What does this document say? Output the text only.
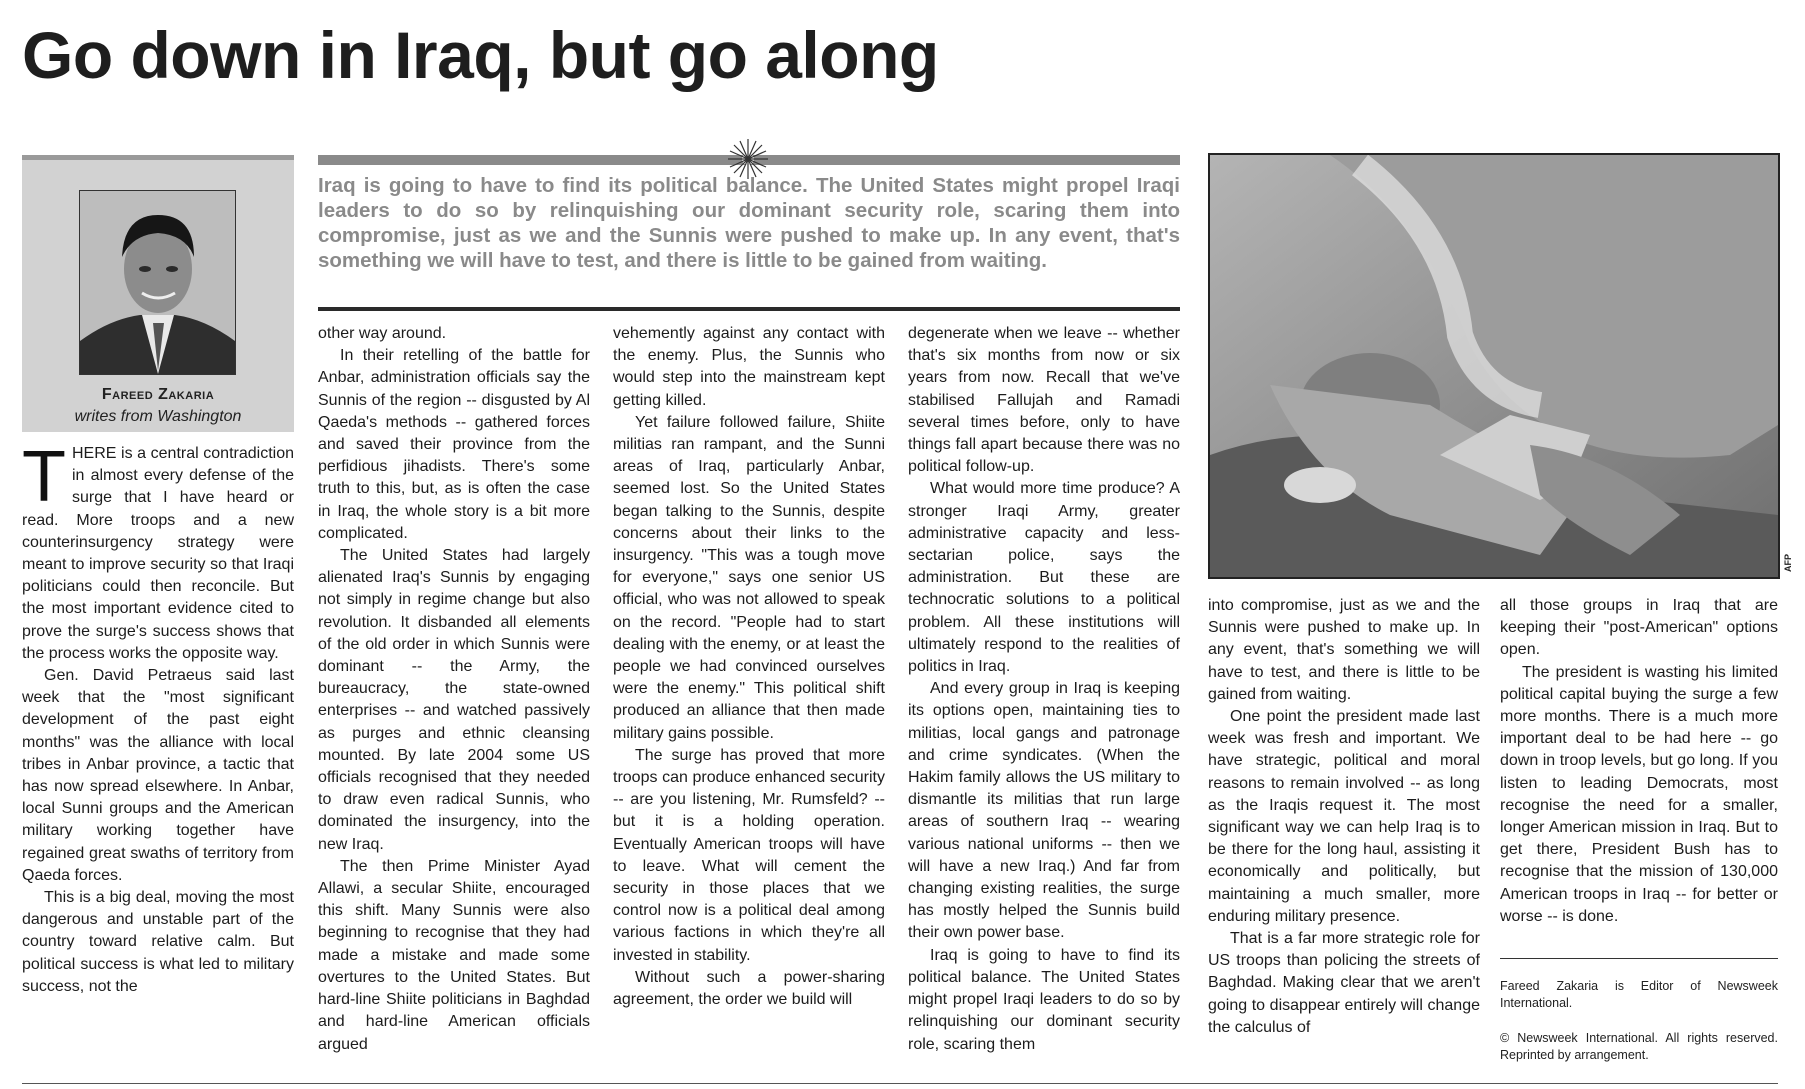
Go down in Iraq, but go along
Fareed Zakaria
writes from Washington

Iraq is going to have to find its political balance. The United States might propel Iraqi leaders to do so by relinquishing our dominant security role, scaring them into compromise, just as we and the Sunnis were pushed to make up. In any event, that's something we will have to test, and there is little to be gained from waiting.

THERE is a central contradiction in almost every defense of the surge that I have heard or read. More troops and a new counterinsurgency strategy were meant to improve security so that Iraqi politicians could then reconcile. But the most important evidence cited to prove the surge's success shows that the process works the opposite way.

Gen. David Petraeus said last week that the "most significant development of the past eight months" was the alliance with local tribes in Anbar province, a tactic that has now spread elsewhere. In Anbar, local Sunni groups and the American military working together have regained great swaths of territory from Qaeda forces.

This is a big deal, moving the most dangerous and unstable part of the country toward relative calm. But political success is what led to military success, not the

other way around.

In their retelling of the battle for Anbar, administration officials say the Sunnis of the region -- disgusted by Al Qaeda's methods -- gathered forces and saved their province from the perfidious jihadists. There's some truth to this, but, as is often the case in Iraq, the whole story is a bit more complicated.

The United States had largely alienated Iraq's Sunnis by engaging not simply in regime change but also revolution. It disbanded all elements of the old order in which Sunnis were dominant -- the Army, the bureaucracy, the state-owned enterprises -- and watched passively as purges and ethnic cleansing mounted. By late 2004 some US officials recognised that they needed to draw even radical Sunnis, who dominated the insurgency, into the new Iraq.

The then Prime Minister Ayad Allawi, a secular Shiite, encouraged this shift. Many Sunnis were also beginning to recognise that they had made a mistake and made some overtures to the United States. But hard-line Shiite politicians in Baghdad and hard-line American officials argued

vehemently against any contact with the enemy. Plus, the Sunnis who would step into the mainstream kept getting killed.

Yet failure followed failure, Shiite militias ran rampant, and the Sunni areas of Iraq, particularly Anbar, seemed lost. So the United States began talking to the Sunnis, despite concerns about their links to the insurgency. "This was a tough move for everyone," says one senior US official, who was not allowed to speak on the record. "People had to start dealing with the enemy, or at least the people we had convinced ourselves were the enemy." This political shift produced an alliance that then made military gains possible.

The surge has proved that more troops can produce enhanced security -- are you listening, Mr. Rumsfeld? -- but it is a holding operation. Eventually American troops will have to leave. What will cement the security in those places that we control now is a political deal among various factions in which they're all invested in stability.

Without such a power-sharing agreement, the order we build will

degenerate when we leave -- whether that's six months from now or six years from now. Recall that we've stabilised Fallujah and Ramadi several times before, only to have things fall apart because there was no political follow-up.

What would more time produce? A stronger Iraqi Army, greater administrative capacity and less-sectarian police, says the administration. But these are technocratic solutions to a political problem. All these institutions will ultimately respond to the realities of politics in Iraq.

And every group in Iraq is keeping its options open, maintaining ties to militias, local gangs and patronage and crime syndicates. (When the Hakim family allows the US military to dismantle its militias that run large areas of southern Iraq -- wearing various national uniforms -- then we will have a new Iraq.) And far from changing existing realities, the surge has mostly helped the Sunnis build their own power base.

Iraq is going to have to find its political balance. The United States might propel Iraqi leaders to do so by relinquishing our dominant security role, scaring them

AFP

into compromise, just as we and the Sunnis were pushed to make up. In any event, that's something we will have to test, and there is little to be gained from waiting.

One point the president made last week was fresh and important. We have strategic, political and moral reasons to remain involved -- as long as the Iraqis request it. The most significant way we can help Iraq is to be there for the long haul, assisting it economically and politically, but maintaining a much smaller, more enduring military presence.

That is a far more strategic role for US troops than policing the streets of Baghdad. Making clear that we aren't going to disappear entirely will change the calculus of

all those groups in Iraq that are keeping their "post-American" options open.

The president is wasting his limited political capital buying the surge a few more months. There is a much more important deal to be had here -- go down in troop levels, but go long. If you listen to leading Democrats, most recognise the need for a smaller, longer American mission in Iraq. But to get there, President Bush has to recognise that the mission of 130,000 American troops in Iraq -- for better or worse -- is done.

Fareed Zakaria is Editor of Newsweek International.

© Newsweek International. All rights reserved. Reprinted by arrangement.
